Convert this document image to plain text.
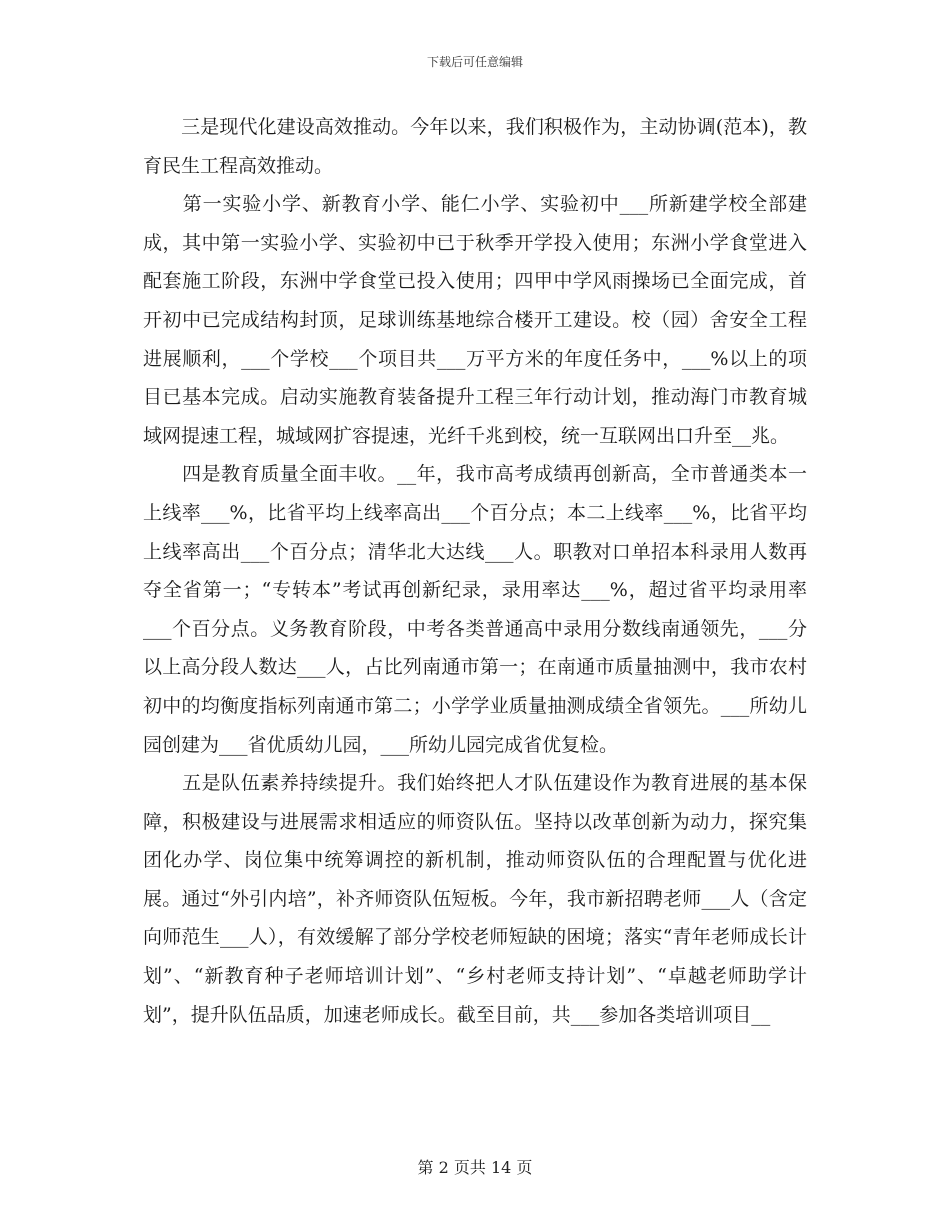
下载后可任意编辑

　　三是现代化建设高效推动。今年以来，我们积极作为，主动协调(范本)，教育民生工程高效推动。

　　第一实验小学、新教育小学、能仁小学、实验初中___所新建学校全部建成，其中第一实验小学、实验初中已于秋季开学投入使用；东洲小学食堂进入配套施工阶段，东洲中学食堂已投入使用；四甲中学风雨操场已全面完成，首开初中已完成结构封顶，足球训练基地综合楼开工建设。校（园）舍安全工程进展顺利，___个学校___个项目共___万平方米的年度任务中，___%以上的项目已基本完成。启动实施教育装备提升工程三年行动计划，推动海门市教育城域网提速工程，城域网扩容提速，光纤千兆到校，统一互联网出口升至__兆。

　　四是教育质量全面丰收。__年，我市高考成绩再创新高，全市普通类本一上线率___%，比省平均上线率高出___个百分点；本二上线率___%，比省平均上线率高出___个百分点；清华北大达线___人。职教对口单招本科录用人数再夺全省第一；“专转本”考试再创新纪录，录用率达___%，超过省平均录用率___个百分点。义务教育阶段，中考各类普通高中录用分数线南通领先，___分以上高分段人数达___人，占比列南通市第一；在南通市质量抽测中，我市农村初中的均衡度指标列南通市第二；小学学业质量抽测成绩全省领先。___所幼儿园创建为___省优质幼儿园，___所幼儿园完成省优复检。

　　五是队伍素养持续提升。我们始终把人才队伍建设作为教育进展的基本保障，积极建设与进展需求相适应的师资队伍。坚持以改革创新为动力，探究集团化办学、岗位集中统筹调控的新机制，推动师资队伍的合理配置与优化进展。通过“外引内培”，补齐师资队伍短板。今年，我市新招聘老师___人（含定向师范生___人），有效缓解了部分学校老师短缺的困境；落实“青年老师成长计划”、“新教育种子老师培训计划”、“乡村老师支持计划”、“卓越老师助学计划”，提升队伍品质，加速老师成长。截至目前，共___参加各类培训项目__

第 2 页共 14 页
